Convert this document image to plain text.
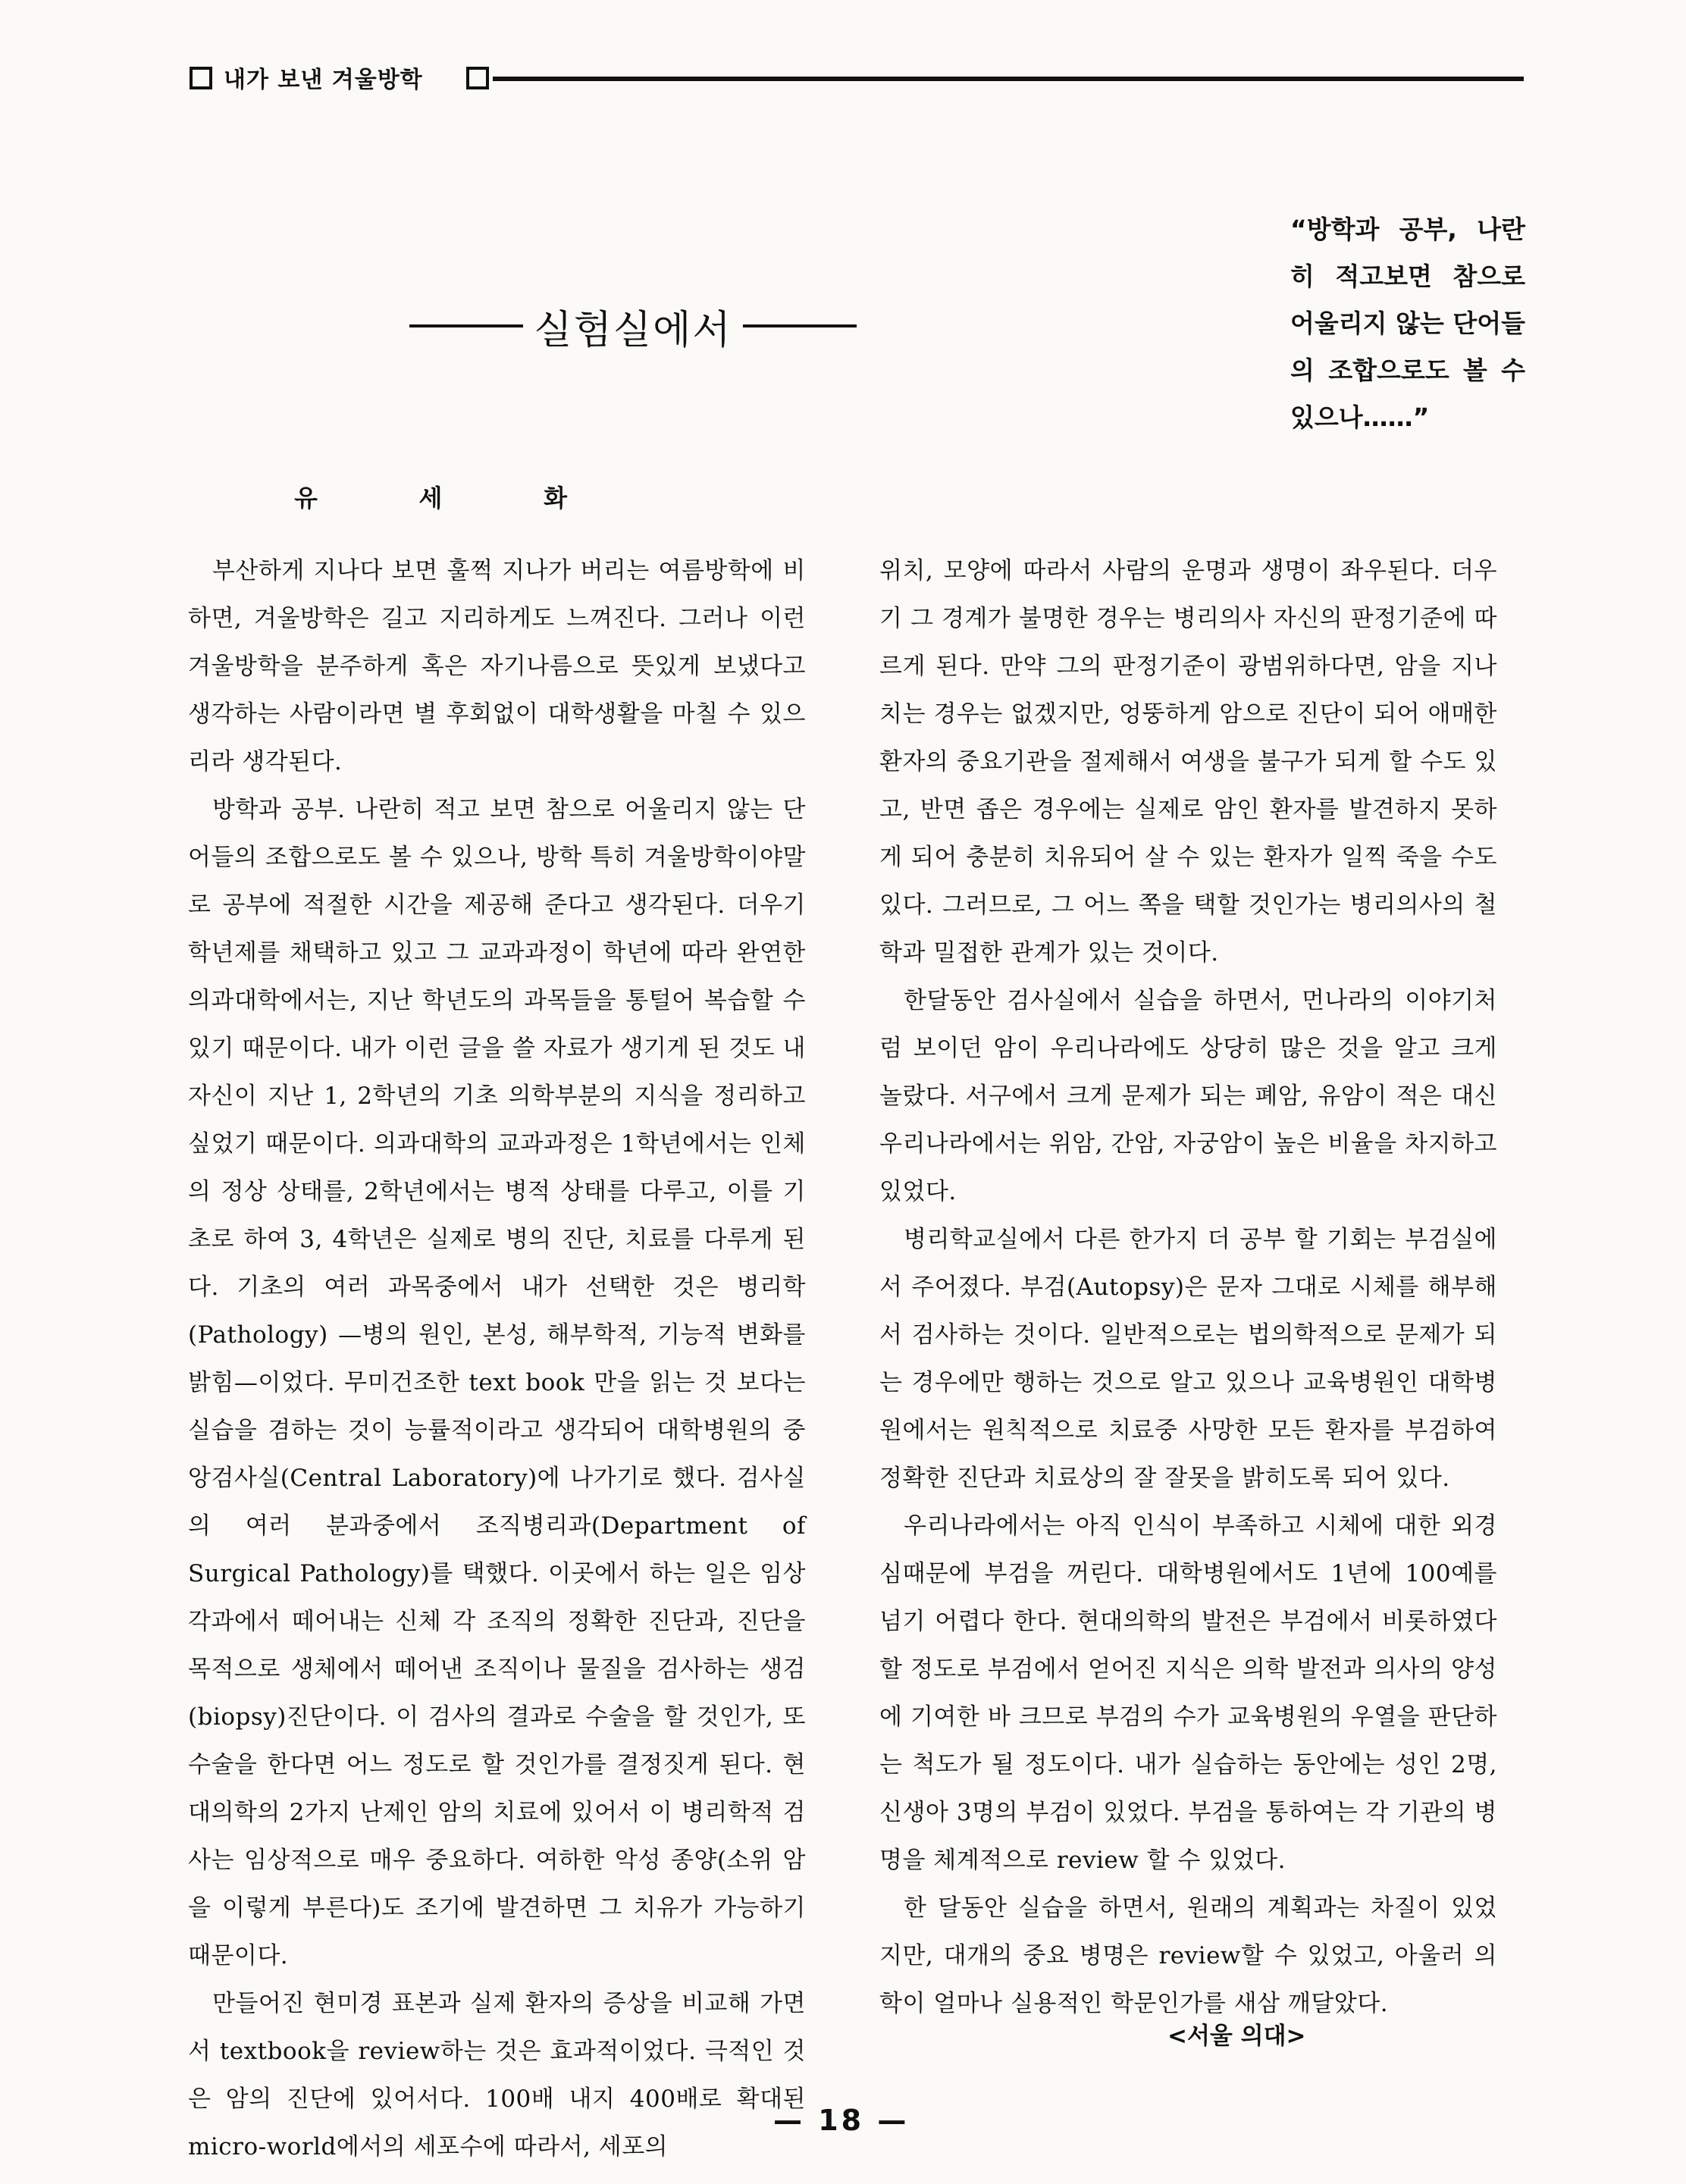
내가 보낸 겨울방학
“방학과 공부, 나란히 적고보면 참으로 어울리지 않는 단어들의 조합으로도 볼 수 있으나……”
실험실에서
유	세	화

부산하게 지나다 보면 훌쩍 지나가 버리는 여름방학에 비하면, 겨울방학은 길고 지리하게도 느껴진다. 그러나 이런 겨울방학을 분주하게 혹은 자기나름으로 뜻있게 보냈다고 생각하는 사람이라면 별 후회없이 대학생활을 마칠 수 있으리라 생각된다.

방학과 공부. 나란히 적고 보면 참으로 어울리지 않는 단어들의 조합으로도 볼 수 있으나, 방학 특히 겨울방학이야말로 공부에 적절한 시간을 제공해 준다고 생각된다. 더우기 학년제를 채택하고 있고 그 교과과정이 학년에 따라 완연한 의과대학에서는, 지난 학년도의 과목들을 통털어 복습할 수 있기 때문이다. 내가 이런 글을 쓸 자료가 생기게 된 것도 내 자신이 지난 1, 2학년의 기초 의학부분의 지식을 정리하고 싶었기 때문이다. 의과대학의 교과과정은 1학년에서는 인체의 정상 상태를, 2학년에서는 병적 상태를 다루고, 이를 기초로 하여 3, 4학년은 실제로 병의 진단, 치료를 다루게 된다. 기초의 여러 과목중에서 내가 선택한 것은 병리학(Pathology) —병의 원인, 본성, 해부학적, 기능적 변화를 밝힘—이었다. 무미건조한 text book 만을 읽는 것 보다는 실습을 겸하는 것이 능률적이라고 생각되어 대학병원의 중앙검사실(Central Laboratory)에 나가기로 했다. 검사실의 여러 분과중에서 조직병리과(Department of Surgical Pathology)를 택했다. 이곳에서 하는 일은 임상 각과에서 떼어내는 신체 각 조직의 정확한 진단과, 진단을 목적으로 생체에서 떼어낸 조직이나 물질을 검사하는 생검(biopsy)진단이다. 이 검사의 결과로 수술을 할 것인가, 또 수술을 한다면 어느 정도로 할 것인가를 결정짓게 된다. 현대의학의 2가지 난제인 암의 치료에 있어서 이 병리학적 검사는 임상적으로 매우 중요하다. 여하한 악성 종양(소위 암을 이렇게 부른다)도 조기에 발견하면 그 치유가 가능하기 때문이다.

만들어진 현미경 표본과 실제 환자의 증상을 비교해 가면서 textbook을 review하는 것은 효과적이었다. 극적인 것은 암의 진단에 있어서다. 100배 내지 400배로 확대된 micro-world에서의 세포수에 따라서, 세포의

위치, 모양에 따라서 사람의 운명과 생명이 좌우된다. 더우기 그 경계가 불명한 경우는 병리의사 자신의 판정기준에 따르게 된다. 만약 그의 판정기준이 광범위하다면, 암을 지나치는 경우는 없겠지만, 엉뚱하게 암으로 진단이 되어 애매한 환자의 중요기관을 절제해서 여생을 불구가 되게 할 수도 있고, 반면 좁은 경우에는 실제로 암인 환자를 발견하지 못하게 되어 충분히 치유되어 살 수 있는 환자가 일찍 죽을 수도 있다. 그러므로, 그 어느 쪽을 택할 것인가는 병리의사의 철학과 밀접한 관계가 있는 것이다.

한달동안 검사실에서 실습을 하면서, 먼나라의 이야기처럼 보이던 암이 우리나라에도 상당히 많은 것을 알고 크게 놀랐다. 서구에서 크게 문제가 되는 폐암, 유암이 적은 대신 우리나라에서는 위암, 간암, 자궁암이 높은 비율을 차지하고 있었다.

병리학교실에서 다른 한가지 더 공부 할 기회는 부검실에서 주어졌다. 부검(Autopsy)은 문자 그대로 시체를 해부해서 검사하는 것이다. 일반적으로는 법의학적으로 문제가 되는 경우에만 행하는 것으로 알고 있으나 교육병원인 대학병원에서는 원칙적으로 치료중 사망한 모든 환자를 부검하여 정확한 진단과 치료상의 잘 잘못을 밝히도록 되어 있다.

우리나라에서는 아직 인식이 부족하고 시체에 대한 외경심때문에 부검을 꺼린다. 대학병원에서도 1년에 100예를 넘기 어렵다 한다. 현대의학의 발전은 부검에서 비롯하였다 할 정도로 부검에서 얻어진 지식은 의학 발전과 의사의 양성에 기여한 바 크므로 부검의 수가 교육병원의 우열을 판단하는 척도가 될 정도이다. 내가 실습하는 동안에는 성인 2명, 신생아 3명의 부검이 있었다. 부검을 통하여는 각 기관의 병명을 체계적으로 review 할 수 있었다.

한 달동안 실습을 하면서, 원래의 계획과는 차질이 있었지만, 대개의 중요 병명은 review할 수 있었고, 아울러 의학이 얼마나 실용적인 학문인가를 새삼 깨달았다.

<서울 의대>
— 18 —
